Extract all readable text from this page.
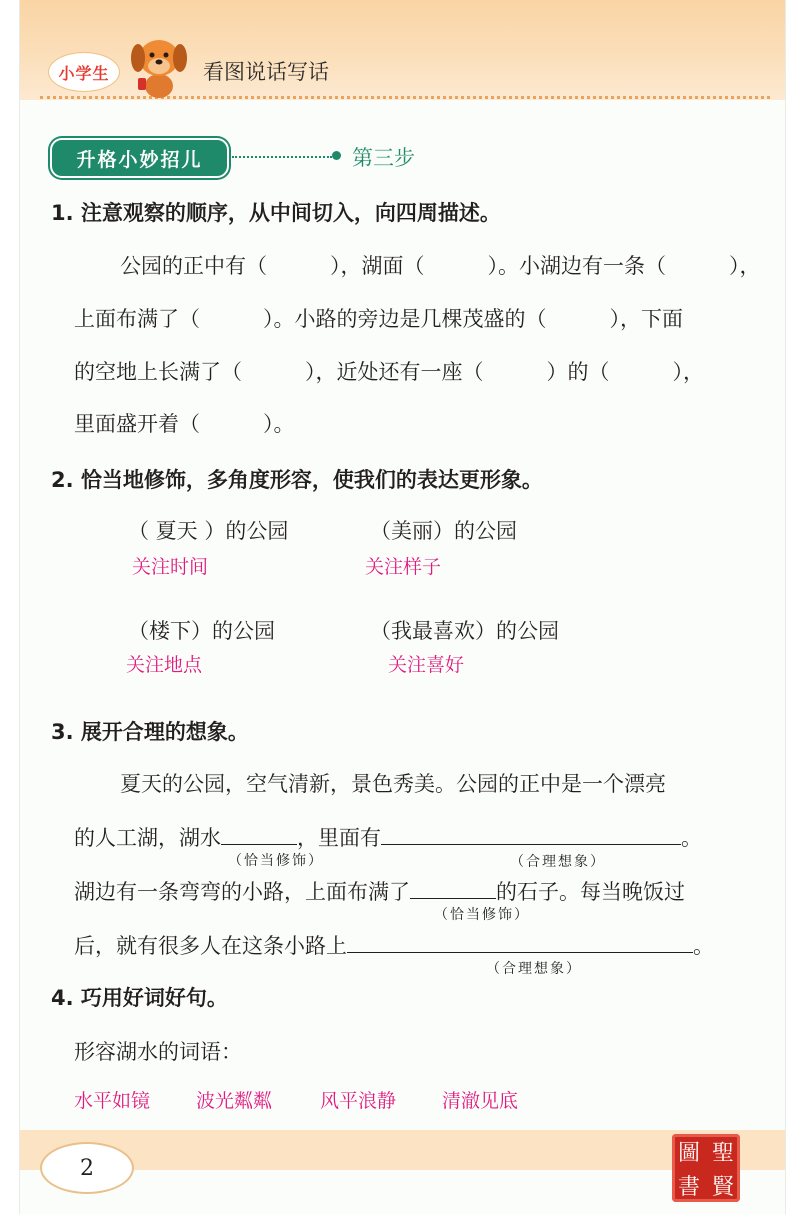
小学生	看图说话写话
升格小妙招儿	第三步
1. 注意观察的顺序，从中间切入，向四周描述。
公园的正中有（　　　），湖面（　　　）。小湖边有一条（　　　），
上面布满了（　　　）。小路的旁边是几棵茂盛的（　　　），下面
的空地上长满了（　　　），近处还有一座（　　　）的（　　　），
里面盛开着（　　　）。
2. 恰当地修饰，多角度形容，使我们的表达更形象。
（ 夏天 ）的公园
关注时间
（美丽）的公园
关注样子
（楼下）的公园
关注地点
（我最喜欢）的公园
关注喜好
3. 展开合理的想象。
夏天的公园，空气清新，景色秀美。公园的正中是一个漂亮
的人工湖，湖水	，里面有	。
（恰当修饰）	（合理想象）
湖边有一条弯弯的小路，上面布满了	的石子。每当晚饭过
（恰当修饰）
后，就有很多人在这条小路上	。
（合理想象）
4. 巧用好词好句。
形容湖水的词语：
水平如镜 波光粼粼	风平浪静 清澈见底
2
圖 聖
書 賢
